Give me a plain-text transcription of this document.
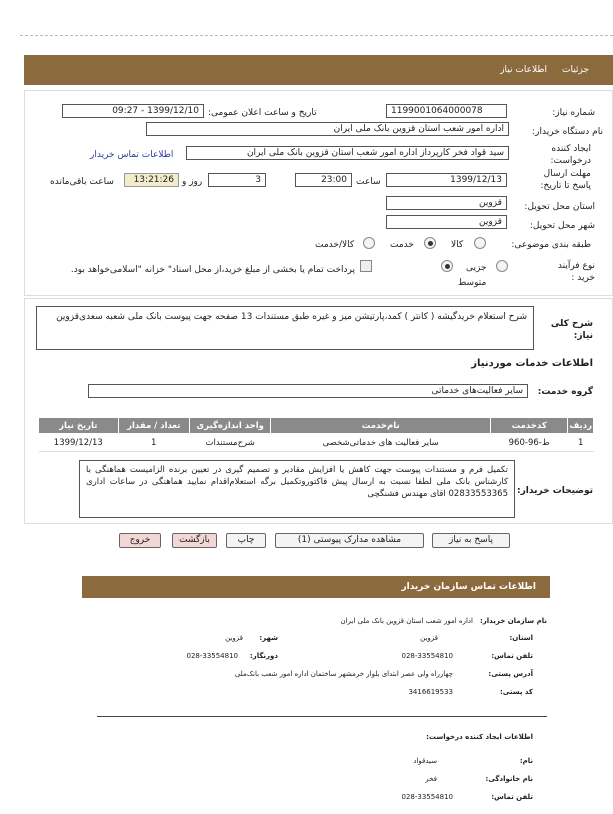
جزئیات
اطلاعات نیاز
شماره نیاز:
1199001064000078
تاریخ و ساعت اعلان عمومی:
1399/12/10 - 09:27
نام دستگاه خریدار:
اداره امور شعب استان قزوین بانک ملی ایران
ایجاد کننده درخواست:
سید قواد فخر کارپرداز اداره امور شعب استان قزوین بانک ملی ایران
اطلاعات تماس خریدار
مهلت ارسال پاسخ تا تاریخ:
1399/12/13
ساعت
23:00
3
روز و
13:21:26
ساعت باقی‌مانده
استان محل تحویل:
قزوین
شهر محل تحویل:
قزوین
طبقه بندی موضوعی:
کالا
خدمت
کالا/خدمت
نوع فرآیند خرید :
جزیی
متوسط
پرداخت تمام یا بخشی از مبلغ خرید،از محل اسناد" خزانه "اسلامی‌خواهد بود.
شرح کلی نیاز:
شرح استعلام خریدگیشه ( کانتر ) کمد،پارتیشن میز و غیره طبق مستندات 13 صفحه جهت پیوست بانک ملی شعبه سعدی‌قزوین
اطلاعات خدمات موردنیاز
گروه خدمت:
سایر فعالیت‌های خدماتی
ردیف	کدخدمت	نام‌خدمت	واحد اندازه‌گیری	تعداد / مقدار	تاریخ نیاز
1	ط-96-960	سایر فعالیت های خدماتی‌شخصی	شرح‌مستندات	1	1399/12/13
توضیحات خریدار:
تکمیل فرم و مستندات پیوست جهت کاهش یا افزایش مقادیر و تصمیم گیری در تعیین برنده الزامیست هماهنگی با کارشناس بانک ملی لطفا نسبت به ارسال پیش فاکتوروتکمیل برگه استعلام‌اقدام نمایید هماهنگی در ساعات اداری 02833553365 اقای مهندس فشنگچی
پاسخ به نیاز
مشاهده مدارک پیوستی (1)
چاپ
بازگشت
خروج
اطلاعات تماس سازمان خریدار
نام سازمان خریدار:
اداره امور شعب استان قزوین بانک ملی ایران
استان:
قزوین
شهر:
قزوین
تلفن تماس:
028-33554810
دورنگار:
028-33554810
آدرس پستی:
چهارراه ولی عصر ابتدای بلوار خرمشهر ساختمان اداره امور شعب بانک‌ملی
کد پستی:
3416619533
اطلاعات ایجاد کننده درخواست:
نام:
سیدقواد
نام خانوادگی:
فخر
تلفن تماس:
028-33554810
